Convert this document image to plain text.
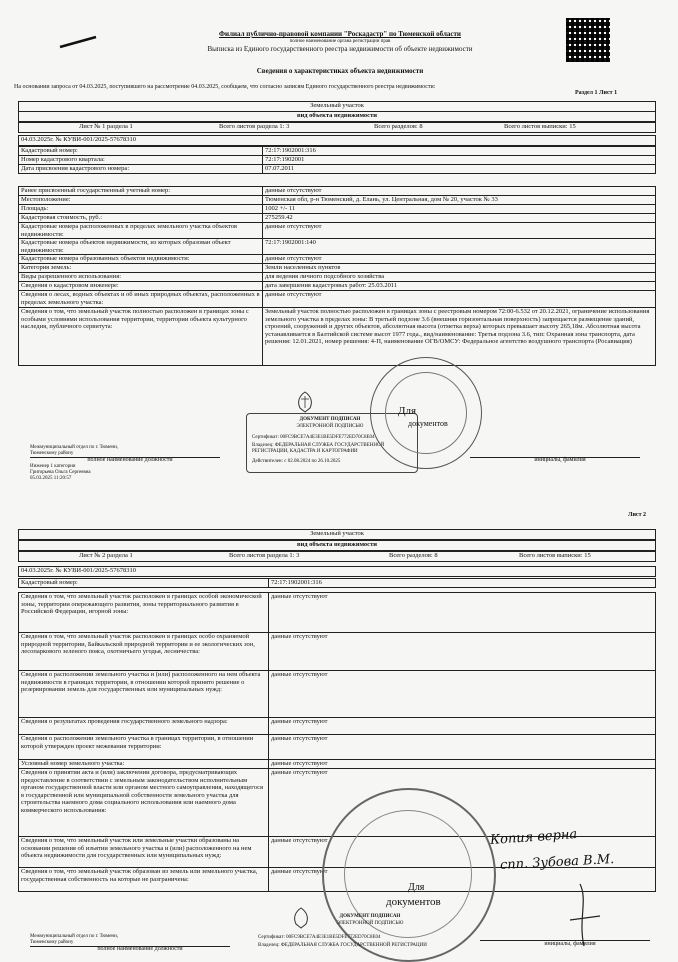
Филиал публично-правовой компании "Роскадастр" по Тюменской области
полное наименование органа регистрации прав
Выписка из Единого государственного реестра недвижимости об объекте недвижимости
Сведения о характеристиках объекта недвижимости
На основании запроса от 04.03.2025, поступившего на рассмотрение 04.03.2025, сообщаем, что согласно записям Единого государственного реестра недвижимости:
Раздел 1 Лист 1
Земельный участок
вид объекта недвижимости
Лист № 1 раздела 1	Всего листов раздела 1: 3	Всего разделов: 8	Всего листов выписки: 15
04.03.2025г. № КУВИ-001/2025-57678310
Кадастровый номер:	72:17:1902001:316
Номер кадастрового квартала:	72:17:1902001
Дата присвоения кадастрового номера:	07.07.2011

Ранее присвоенный государственный учетный номер:	данные отсутствуют
Местоположение:	Тюменская обл, р-н Тюменский, д. Елань, ул. Центральная, дом № 20, участок № 33
Площадь:	1002 +/- 11
Кадастровая стоимость, руб.:	275259.42
Кадастровые номера расположенных в пределах земельного участка объектов недвижимости:	данные отсутствуют
Кадастровые номера объектов недвижимости, из которых образован объект недвижимости:	72:17:1902001:140
Кадастровые номера образованных объектов недвижимости:	данные отсутствуют
Категория земель:	Земли населенных пунктов
Виды разрешенного использования:	для ведения личного подсобного хозяйства
Сведения о кадастровом инженере:	дата завершения кадастровых работ: 25.03.2011
Сведения о лесах, водных объектах и об иных природных объектах, расположенных в пределах земельного участка:	данные отсутствуют
Сведения о том, что земельный участок полностью расположен в границах зоны с особыми условиями использования территории, территории объекта культурного наследия, публичного сервитута:	Земельный участок полностью расположен в границах зоны с реестровым номером 72:00-6.532 от 20.12.2021, ограничение использования земельного участка в пределах зоны: В третьей подзоне 3.6 (внешняя горизонтальная поверхность) запрещается размещение зданий, строений, сооружений и других объектов, абсолютная высота (отметка верха) которых превышает высоту 265,18м. Абсолютная высота устанавливается в Балтийской системе высот 1977 года., вид/наименование: Третья подзона 3.6, тип: Охранная зона транспорта, дата решения: 12.01.2021, номер решения: 4-П, наименование ОГВ/ОМСУ: Федеральное агентство воздушного транспорта (Росавиация)
ДОКУМЕНТ ПОДПИСАН
ЭЛЕКТРОННОЙ ПОДПИСЬЮ
Сертификат: 00FC9BCE7A4E3E1BE5DFE772ED70C8E04
Владелец: ФЕДЕРАЛЬНАЯ СЛУЖБА ГОСУДАРСТВЕННОЙ РЕГИСТРАЦИИ, КАДАСТРА И КАРТОГРАФИИ
Действителен: с 02.08.2024 по 26.10.2025
Межмуниципальный отдел по г. Тюмени,
Тюменскому району
Инженер 1 категории
Григорьева Ольга Сергеевна
05.03.2025 11:20:57
полное наименование должности	инициалы, фамилия
Для
документов
Лист 2
Земельный участок
вид объекта недвижимости
Лист № 2 раздела 1	Всего листов раздела 1: 3	Всего разделов: 8	Всего листов выписки: 15
04.03.2025г. № КУВИ-001/2025-57678310
Кадастровый номер:	72:17:1902001:316

Сведения о том, что земельный участок расположен в границах особой экономической зоны, территории опережающего развития, зоны территориального развития в Российской Федерации, игорной зоны:	данные отсутствуют
Сведения о том, что земельный участок расположен в границах особо охраняемой природной территории, Байкальской природной территории и ее экологических зон, лесопаркового зеленого пояса, охотничьего угодья, лесничества:	данные отсутствуют
Сведения о расположении земельного участка и (или) расположенного на нем объекта недвижимости в границах территории, в отношении которой принято решение о резервировании земель для государственных или муниципальных нужд:	данные отсутствуют
Сведения о результатах проведения государственного земельного надзора:	данные отсутствуют
Сведения о расположении земельного участка в границах территории, в отношении которой утвержден проект межевания территории:	данные отсутствуют
Условный номер земельного участка:	данные отсутствуют
Сведения о принятии акта и (или) заключении договора, предусматривающих предоставление в соответствии с земельным законодательством исполнительным органом государственной власти или органом местного самоуправления, находящегося в государственной или муниципальной собственности земельного участка для строительства наемного дома социального использования или наемного дома коммерческого использования:	данные отсутствуют
Сведения о том, что земельный участок или земельные участки образованы на основании решения об изъятии земельного участка и (или) расположенного на нем объекта недвижимости для государственных или муниципальных нужд:	данные отсутствуют
Сведения о том, что земельный участок образован из земель или земельного участка, государственная собственность на которые не разграничена:	данные отсутствуют
Копия верна
спп. Зубова В.М.
Для
документов
ДОКУМЕНТ ПОДПИСАН
ЭЛЕКТРОННОЙ ПОДПИСЬЮ
Сертификат: 00FC9BCE7A4E3E1BE5DFE772ED70C8E04
Владелец: ФЕДЕРАЛЬНАЯ СЛУЖБА ГОСУДАРСТВЕННОЙ РЕГИСТРАЦИИ
Межмуниципальный отдел по г. Тюмени,
Тюменскому району
полное наименование должности
инициалы, фамилия
